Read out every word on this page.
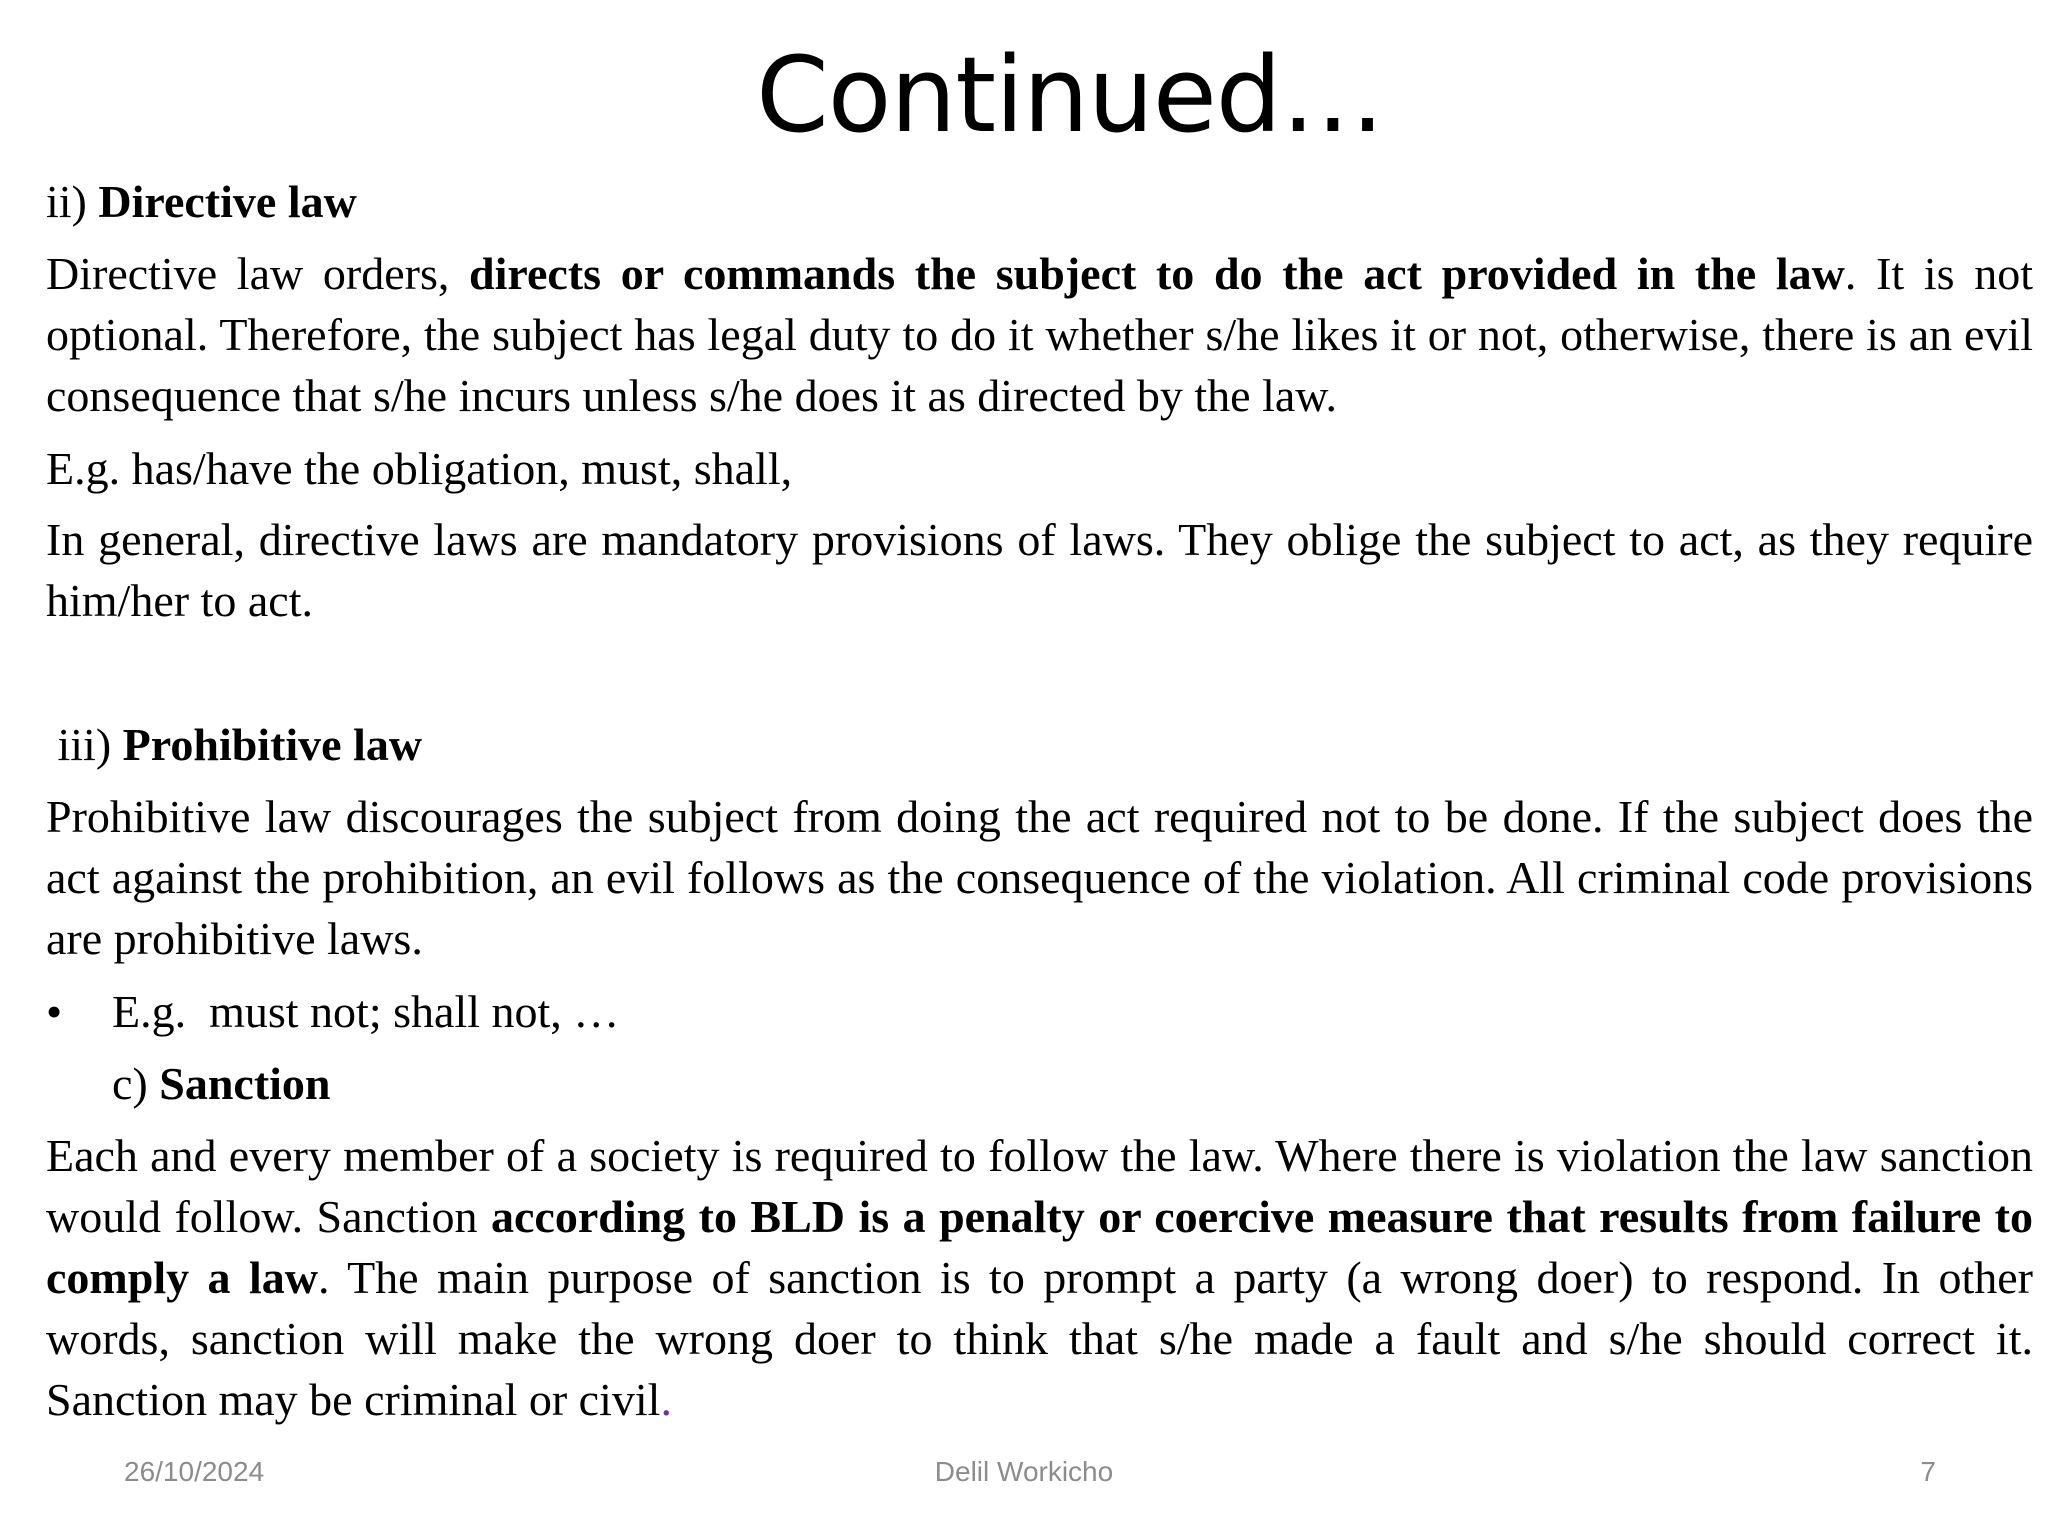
Continued…
ii) Directive law

Directive law orders, directs or commands the subject to do the act provided in the law. It is not optional. Therefore, the subject has legal duty to do it whether s/he likes it or not, otherwise, there is an evil consequence that s/he incurs unless s/he does it as directed by the law.

E.g. has/have the obligation, must, shall,

In general, directive laws are mandatory provisions of laws. They oblige the subject to act, as they require him/her to act.

iii) Prohibitive law

Prohibitive law discourages the subject from doing the act required not to be done. If the subject does the act against the prohibition, an evil follows as the consequence of the violation. All criminal code provisions are prohibitive laws.

• E.g.  must not; shall not, …
c) Sanction

Each and every member of a society is required to follow the law. Where there is violation the law sanction would follow. Sanction according to BLD is a penalty or coercive measure that results from failure to comply a law. The main purpose of sanction is to prompt a party (a wrong doer) to respond. In other words, sanction will make the wrong doer to think that s/he made a fault and s/he should correct it. Sanction may be criminal or civil.

26/10/2024	Delil Workicho	7
